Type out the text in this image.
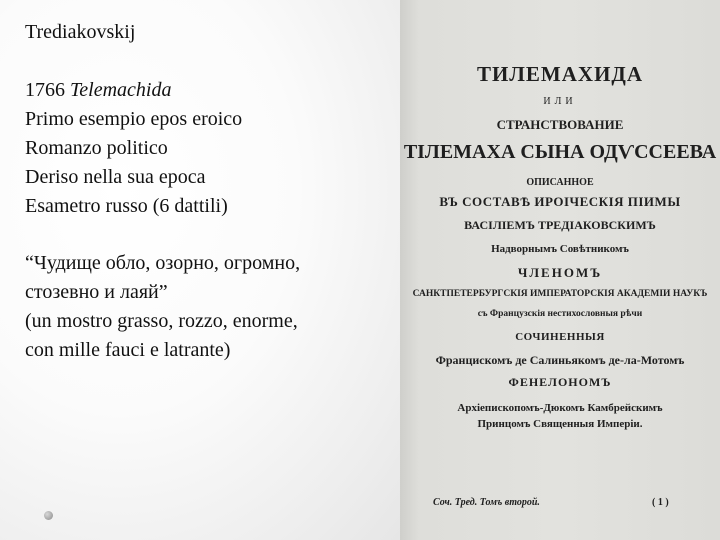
Trediakovskij

1766 Telemachida
Primo esempio epos eroico
Romanzo politico
Deriso nella sua epoca
Esametro russo (6 dattili)
“Чудище обло, озорно, огромно,
стозевно и лаяй”
(un mostro grasso, rozzo, enorme,
con mille fauci e latrante)
ТИЛЕМАХИДА
ИЛИ
СТРАНСТВОВАНИЕ
ТІЛЕМАХА СЫНА ОДѴССЕЕВА
ОПИСАННОЕ
ВЪ СОСТАВѢ ИРОІЧЕСКІЯ ПІИМЫ
ВАСІЛІЕМЪ ТРЕДІАКОВСКИМЪ
Надворнымъ Совѣтникомъ
ЧЛЕНОМЪ
САНКТПЕТЕРБУРГСКІЯ ИМПЕРАТОРСКІЯ АКАДЕМІИ НАУКЪ
съ Французскія нестихословныя рѣчи
СОЧИНЕННЫЯ
Францискомъ де Салиньякомъ де-ла-Мотомъ
ФЕНЕЛОНОМЪ
Архіепископомъ-Дюкомъ Камбрейскимъ
Принцомъ Священныя Имперіи.
Соч. Тред. Томъ второй.	( 1 )
